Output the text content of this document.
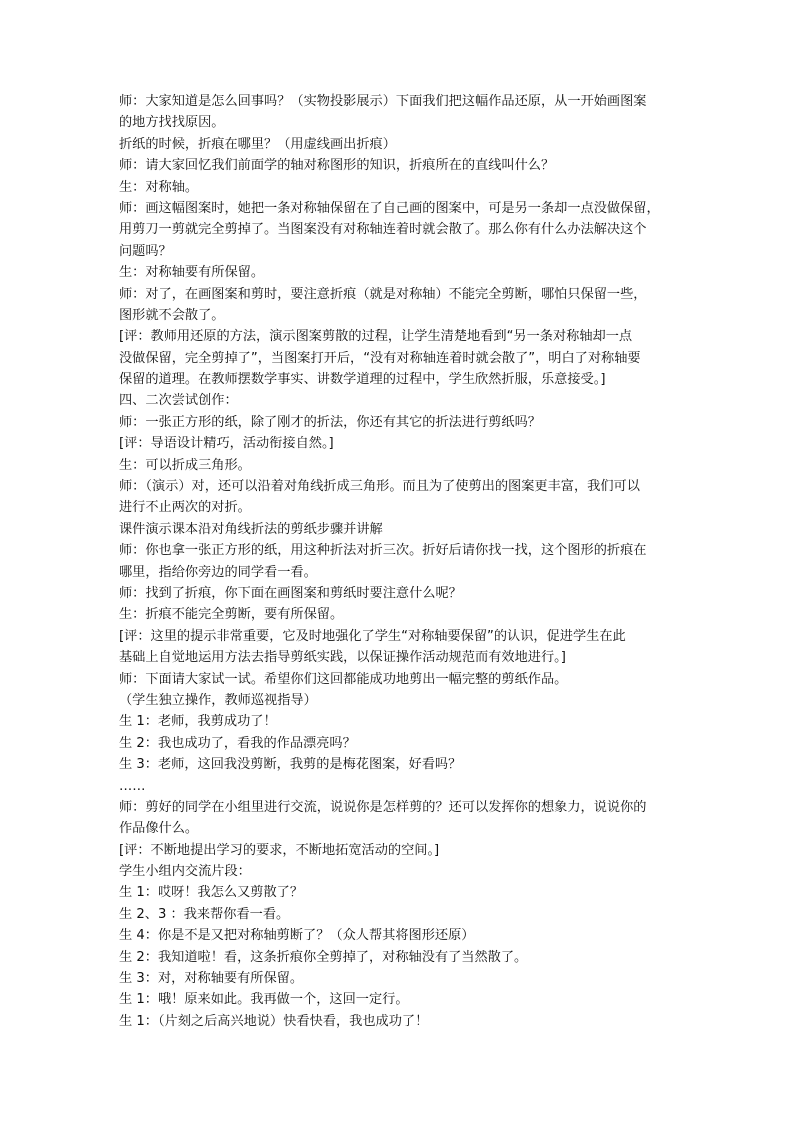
师：大家知道是怎么回事吗？（实物投影展示）下面我们把这幅作品还原，从一开始画图案

的地方找找原因。

折纸的时候，折痕在哪里？（用虚线画出折痕）

师：请大家回忆我们前面学的轴对称图形的知识，折痕所在的直线叫什么？

生：对称轴。

师：画这幅图案时，她把一条对称轴保留在了自己画的图案中，可是另一条却一点没做保留，

用剪刀一剪就完全剪掉了。当图案没有对称轴连着时就会散了。那么你有什么办法解决这个

问题吗？

生：对称轴要有所保留。

师：对了，在画图案和剪时，要注意折痕（就是对称轴）不能完全剪断，哪怕只保留一些，

图形就不会散了。

[评：教师用还原的方法，演示图案剪散的过程，让学生清楚地看到“另一条对称轴却一点

没做保留，完全剪掉了”，当图案打开后，“没有对称轴连着时就会散了”，明白了对称轴要

保留的道理。在教师摆数学事实、讲数学道理的过程中，学生欣然折服，乐意接受。]

四、二次尝试创作：

师：一张正方形的纸，除了刚才的折法，你还有其它的折法进行剪纸吗？

[评：导语设计精巧，活动衔接自然。]

生：可以折成三角形。

师：（演示）对，还可以沿着对角线折成三角形。而且为了使剪出的图案更丰富，我们可以

进行不止两次的对折。

课件演示课本沿对角线折法的剪纸步骤并讲解

师：你也拿一张正方形的纸，用这种折法对折三次。折好后请你找一找，这个图形的折痕在

哪里，指给你旁边的同学看一看。

师：找到了折痕，你下面在画图案和剪纸时要注意什么呢？

生：折痕不能完全剪断，要有所保留。

[评：这里的提示非常重要，它及时地强化了学生“对称轴要保留”的认识，促进学生在此

基础上自觉地运用方法去指导剪纸实践，以保证操作活动规范而有效地进行。]

师：下面请大家试一试。希望你们这回都能成功地剪出一幅完整的剪纸作品。

（学生独立操作，教师巡视指导）

生 1：老师，我剪成功了！

生 2：我也成功了，看我的作品漂亮吗？

生 3：老师，这回我没剪断，我剪的是梅花图案，好看吗？

……

师：剪好的同学在小组里进行交流，说说你是怎样剪的？还可以发挥你的想象力，说说你的

作品像什么。

[评：不断地提出学习的要求，不断地拓宽活动的空间。]

学生小组内交流片段：

生 1：哎呀！我怎么又剪散了？

生 2、3 ：我来帮你看一看。

生 4：你是不是又把对称轴剪断了？（众人帮其将图形还原）

生 2：我知道啦！看，这条折痕你全剪掉了，对称轴没有了当然散了。

生 3：对，对称轴要有所保留。

生 1：哦！原来如此。我再做一个，这回一定行。

生 1：（片刻之后高兴地说）快看快看，我也成功了！
